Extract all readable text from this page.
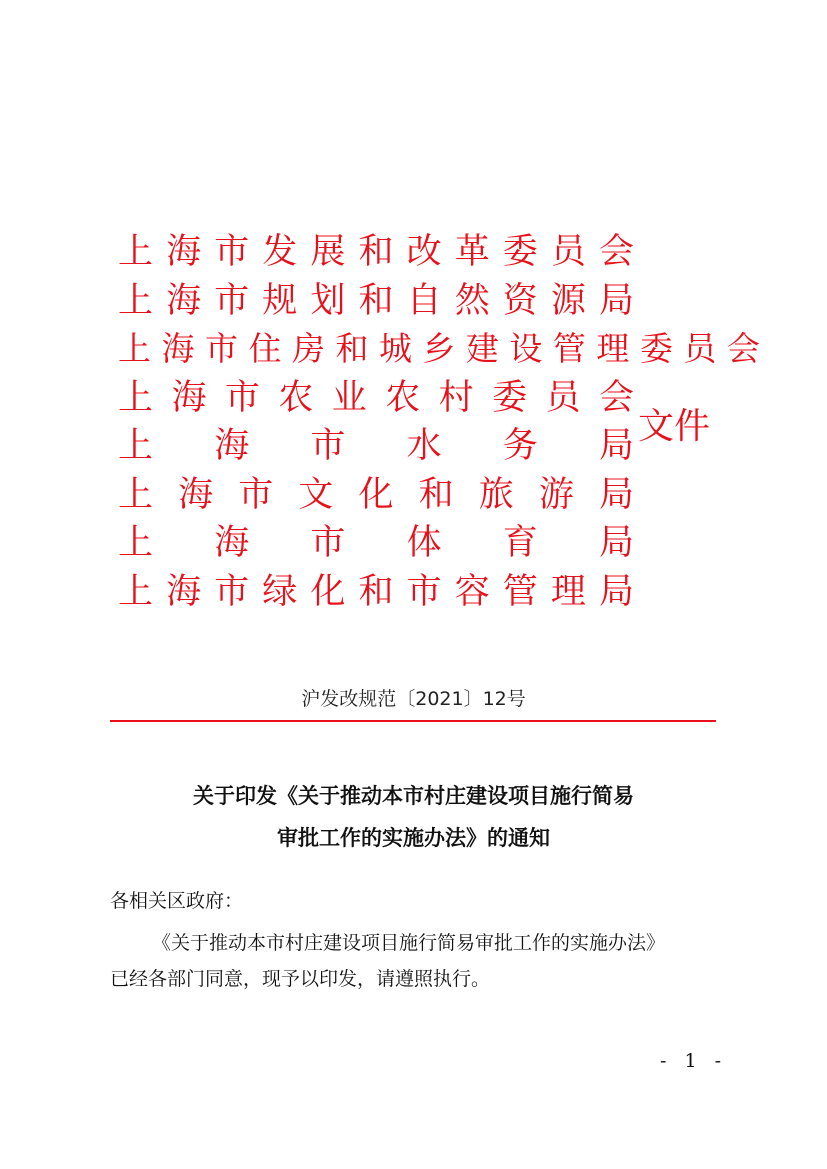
上 海 市 发 展 和 改 革 委 员 会
上 海 市 规 划 和 自 然 资 源 局
上 海 市 住 房 和 城 乡 建 设 管 理 委 员 会
上 海 市 农 业 农 村 委 员 会
上 海 市 水 务 局
上 海 市 文 化 和 旅 游 局
上 海 市 体 育 局
上 海 市 绿 化 和 市 容 管 理 局
文件
沪发改规范〔2021〕12号
关于印发《关于推动本市村庄建设项目施行简易
审批工作的实施办法》的通知
各相关区政府：
《关于推动本市村庄建设项目施行简易审批工作的实施办法》
已经各部门同意，现予以印发，请遵照执行。
- 1 -
